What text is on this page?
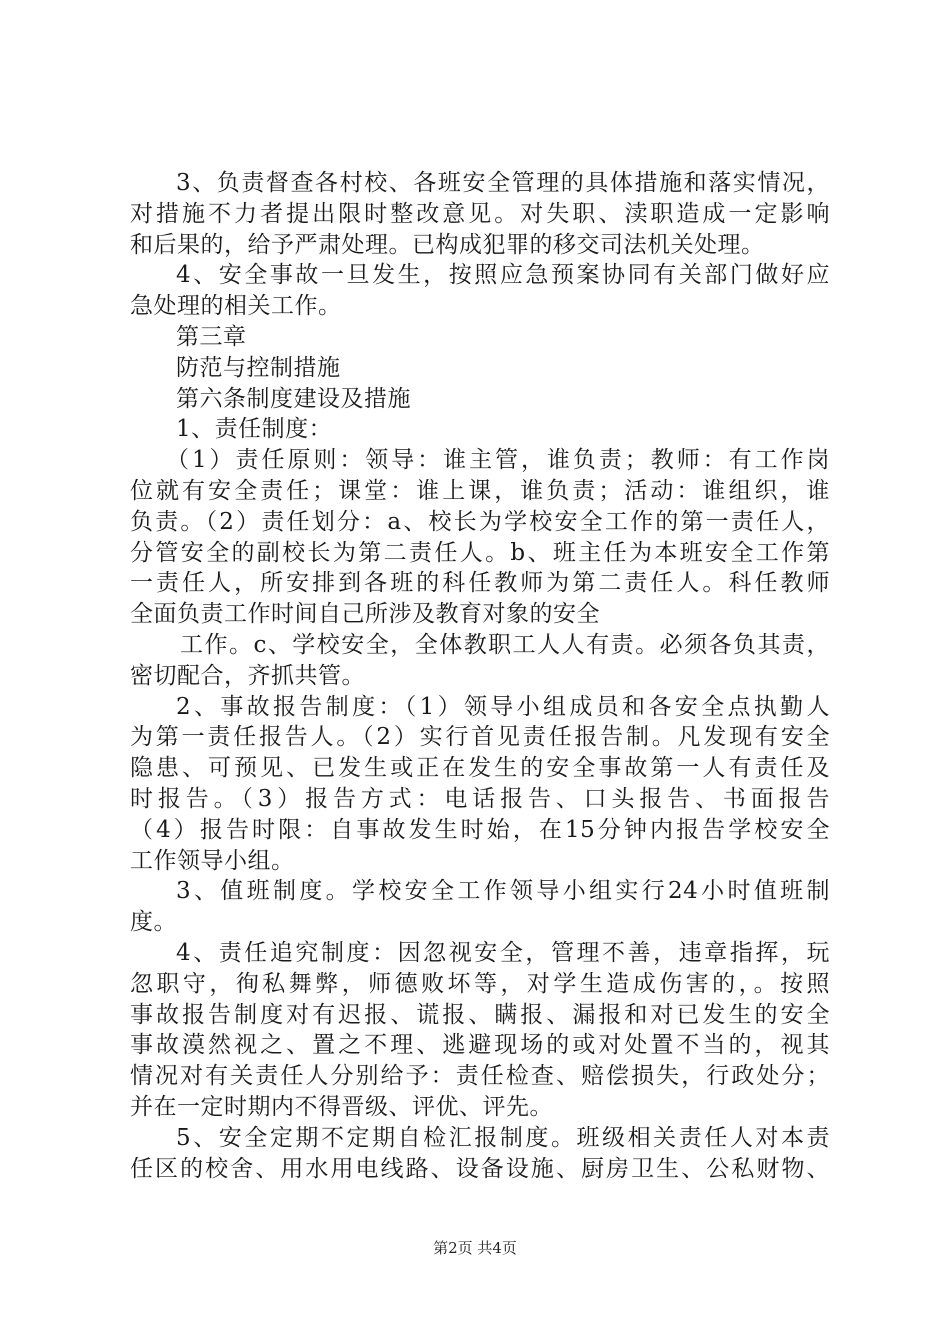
3、负责督查各村校、各班安全管理的具体措施和落实情况，
对措施不力者提出限时整改意见。对失职、渎职造成一定影响
和后果的，给予严肃处理。已构成犯罪的移交司法机关处理。
4、安全事故一旦发生，按照应急预案协同有关部门做好应
急处理的相关工作。
第三章
防范与控制措施
第六条制度建设及措施
1、责任制度：
（1）责任原则：领导：谁主管，谁负责；教师：有工作岗
位就有安全责任；课堂：谁上课，谁负责；活动：谁组织，谁
负责。（2）责任划分：a、校长为学校安全工作的第一责任人，
分管安全的副校长为第二责任人。b、班主任为本班安全工作第
一责任人，所安排到各班的科任教师为第二责任人。科任教师
全面负责工作时间自己所涉及教育对象的安全
工作。c、学校安全，全体教职工人人有责。必须各负其责，
密切配合，齐抓共管。
2、事故报告制度：（1）领导小组成员和各安全点执勤人
为第一责任报告人。（2）实行首见责任报告制。凡发现有安全
隐患、可预见、已发生或正在发生的安全事故第一人有责任及
时报告。（3）报告方式：电话报告、口头报告、书面报告
（4）报告时限：自事故发生时始，在15分钟内报告学校安全
工作领导小组。
3、值班制度。学校安全工作领导小组实行24小时值班制
度。
4、责任追究制度：因忽视安全，管理不善，违章指挥，玩
忽职守，徇私舞弊，师德败坏等，对学生造成伤害的，。按照
事故报告制度对有迟报、谎报、瞒报、漏报和对已发生的安全
事故漠然视之、置之不理、逃避现场的或对处置不当的，视其
情况对有关责任人分别给予：责任检查、赔偿损失，行政处分；
并在一定时期内不得晋级、评优、评先。
5、安全定期不定期自检汇报制度。班级相关责任人对本责
任区的校舍、用水用电线路、设备设施、厨房卫生、公私财物、
第2页 共4页
